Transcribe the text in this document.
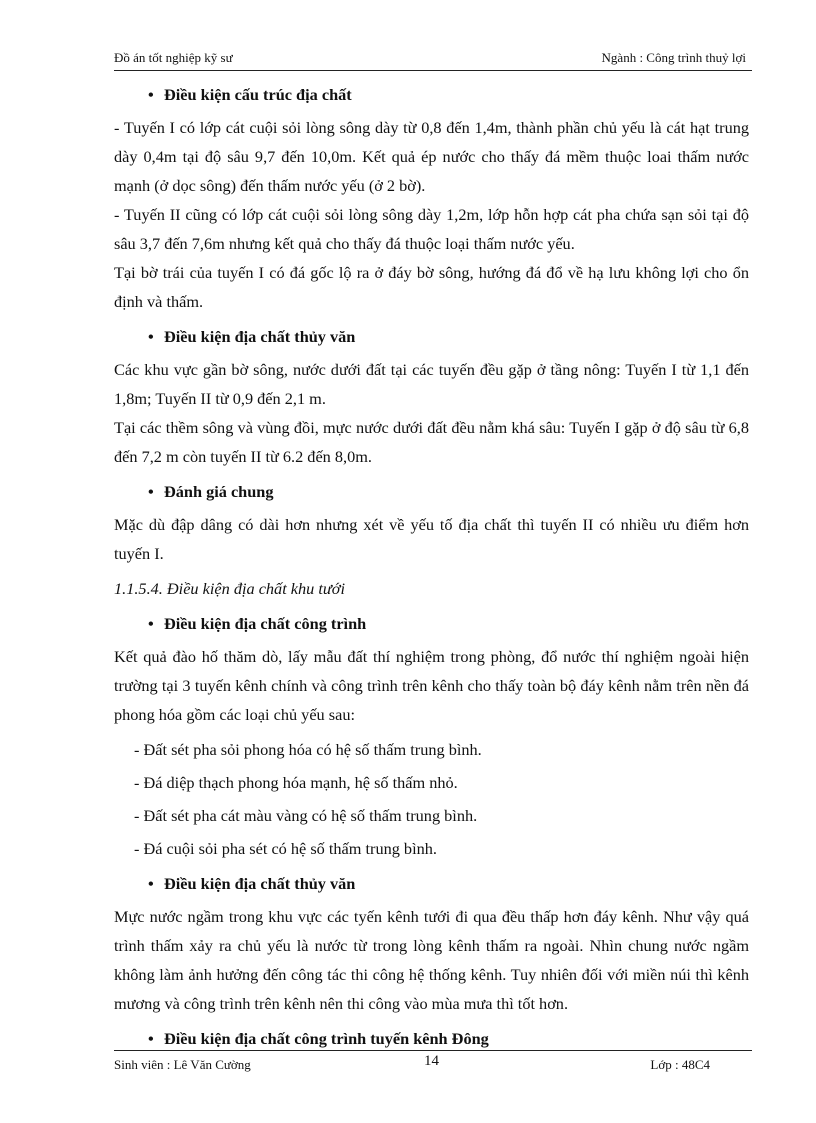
Đồ án tốt nghiệp kỹ sư	Ngành : Công trình thuỷ lợi
• Điều kiện cấu trúc địa chất

- Tuyến I có lớp cát cuội sỏi lòng sông dày từ 0,8 đến 1,4m, thành phần chủ yếu là cát hạt trung dày 0,4m tại độ sâu 9,7 đến 10,0m. Kết quả ép nước cho thấy đá mềm thuộc loai thấm nước mạnh (ở dọc sông) đến thấm nước yếu (ở 2 bờ).

- Tuyến II cũng có lớp cát cuội sỏi lòng sông dày 1,2m, lớp hỗn hợp cát pha chứa sạn sỏi tại độ sâu 3,7 đến 7,6m nhưng kết quả cho thấy đá thuộc loại thấm nước yếu.

Tại bờ trái của tuyến I có đá gốc lộ ra ở đáy bờ sông, hướng đá đổ về hạ lưu không lợi cho ổn định và thấm.

• Điều kiện địa chất thủy văn

Các khu vực gần bờ sông, nước dưới đất tại các tuyến đều gặp ở tầng nông: Tuyến I từ 1,1 đến 1,8m; Tuyến II từ 0,9 đến 2,1 m.

Tại các thềm sông và vùng đồi, mực nước dưới đất đều nằm khá sâu: Tuyến I gặp ở độ sâu từ 6,8 đến 7,2 m còn tuyến II từ 6.2 đến 8,0m.

• Đánh giá chung

Mặc dù đập dâng có dài hơn nhưng xét về yếu tố địa chất thì tuyến II có nhiều ưu điểm hơn tuyến I.

1.1.5.4. Điều kiện địa chất khu tưới

• Điều kiện địa chất công trình

Kết quả đào hố thăm dò, lấy mẫu đất thí nghiệm trong phòng, đổ nước thí nghiệm ngoài hiện trường tại 3 tuyến kênh chính và công trình trên kênh cho thấy toàn bộ đáy kênh nằm trên nền đá phong hóa gồm các loại chủ yếu sau:

- Đất sét pha sỏi phong hóa có hệ số thấm trung bình.

- Đá diệp thạch phong hóa mạnh, hệ số thấm nhỏ.

- Đất sét pha cát màu vàng có hệ số thấm trung bình.

- Đá cuội sỏi pha sét có hệ số thấm trung bình.

• Điều kiện địa chất thủy văn

Mực nước ngầm trong khu vực các tyến kênh tưới đi qua đều thấp hơn đáy kênh. Như vậy quá trình thấm xảy ra chủ yếu là nước từ trong lòng kênh thấm ra ngoài. Nhìn chung nước ngầm không làm ảnh hưởng đến công tác thi công hệ thống kênh. Tuy nhiên đối với miền núi thì kênh mương và công trình trên kênh nên thi công vào mùa mưa thì tốt hơn.

• Điều kiện địa chất công trình tuyến kênh Đông
Sinh viên : Lê Văn Cường	14	Lớp : 48C4
